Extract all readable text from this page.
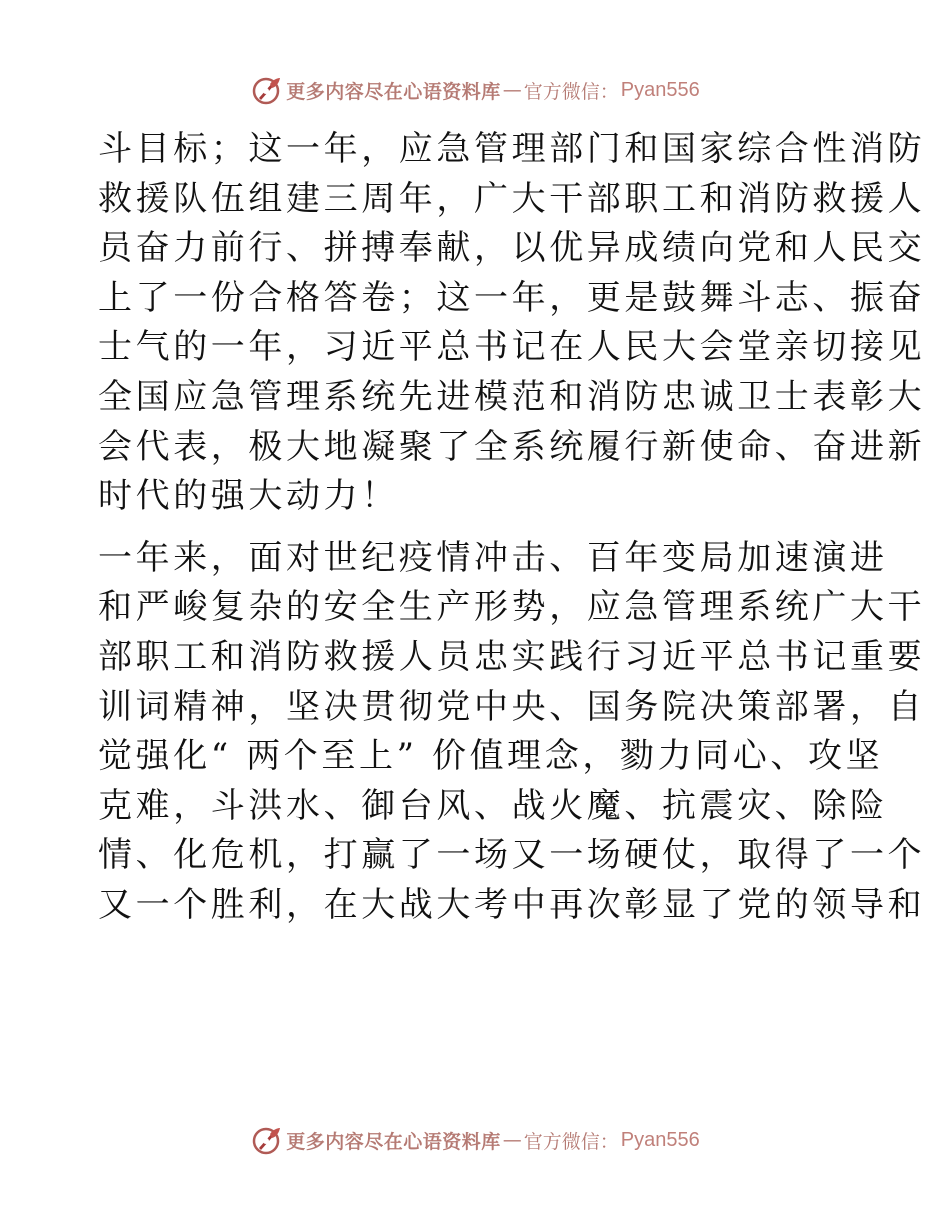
更多内容尽在心语资料库 — 官方微信： Pyan556

斗目标；这一年，应急管理部门和国家综合性消防
救援队伍组建三周年，广大干部职工和消防救援人
员奋力前行、拼搏奉献，以优异成绩向党和人民交
上了一份合格答卷；这一年，更是鼓舞斗志、振奋
士气的一年，习近平总书记在人民大会堂亲切接见
全国应急管理系统先进模范和消防忠诚卫士表彰大
会代表，极大地凝聚了全系统履行新使命、奋进新
时代的强大动力！

一年来，面对世纪疫情冲击、百年变局加速演进
和严峻复杂的安全生产形势，应急管理系统广大干
部职工和消防救援人员忠实践行习近平总书记重要
训词精神，坚决贯彻党中央、国务院决策部署，自
觉强化“ 两个至上” 价值理念，勠力同心、攻坚
克难，斗洪水、御台风、战火魔、抗震灾、除险
情、化危机，打赢了一场又一场硬仗，取得了一个
又一个胜利，在大战大考中再次彰显了党的领导和

更多内容尽在心语资料库 — 官方微信： Pyan556
